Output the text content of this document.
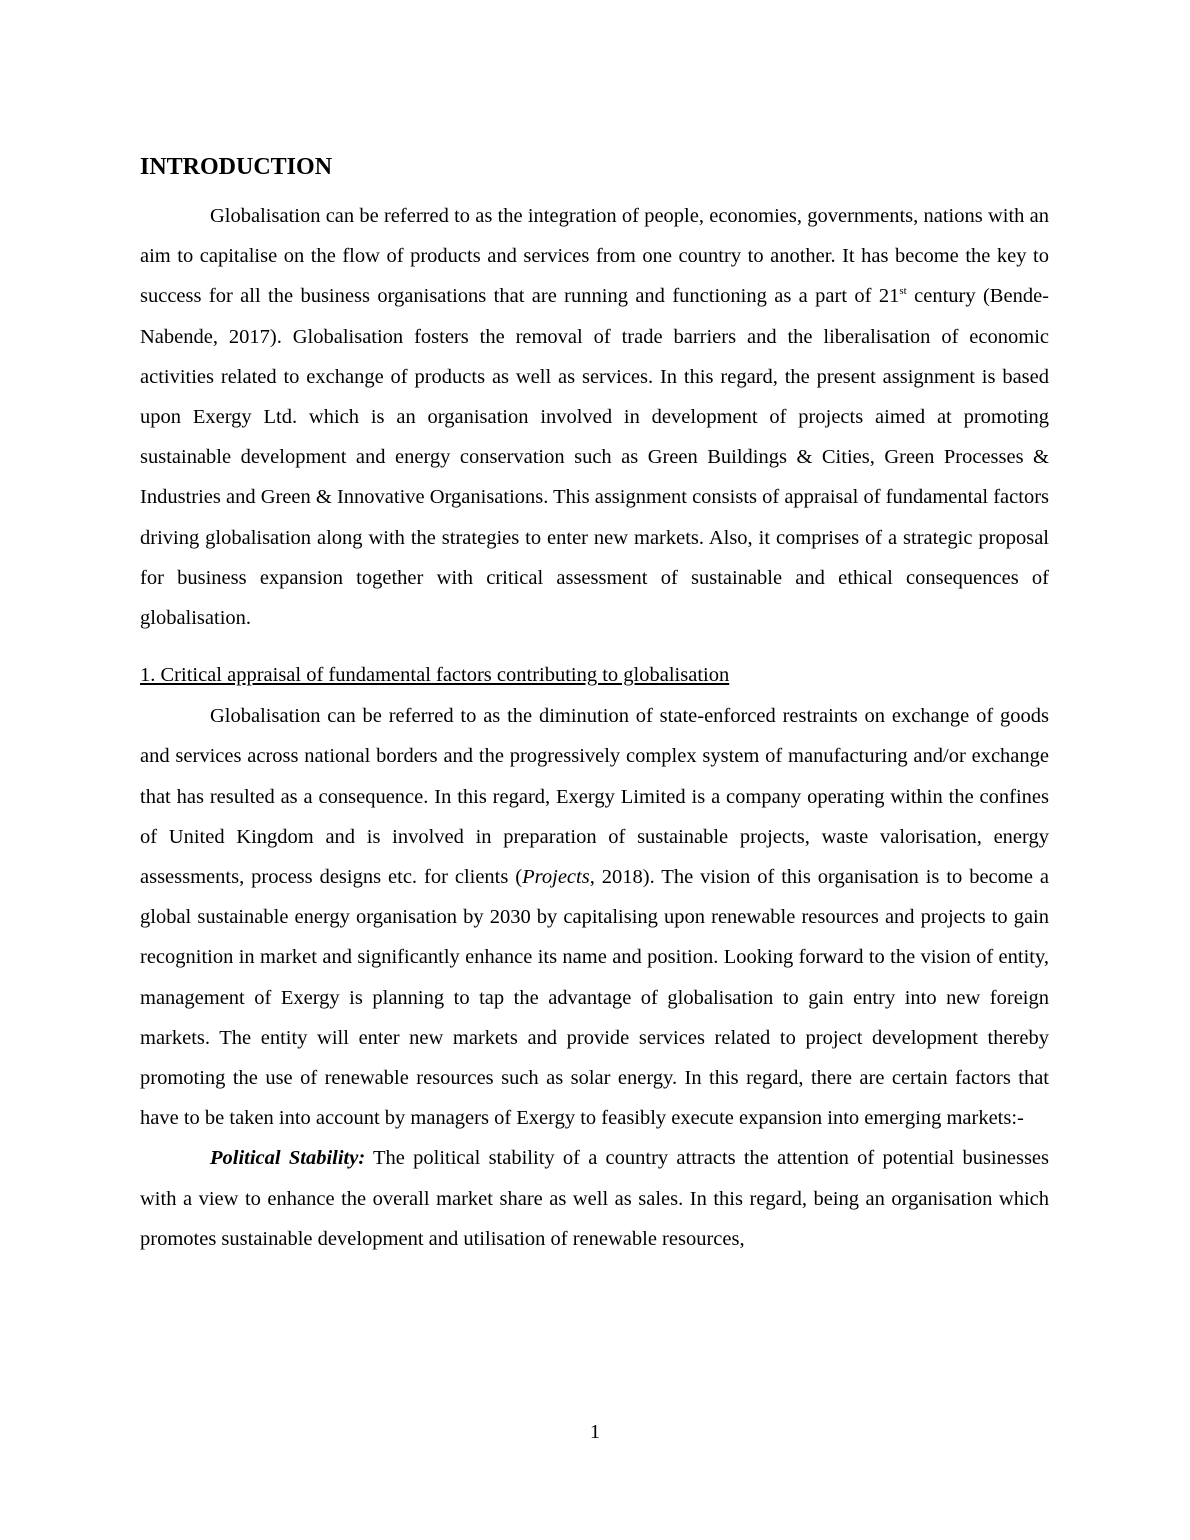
INTRODUCTION

Globalisation can be referred to as the integration of people, economies, governments, nations with an aim to capitalise on the flow of products and services from one country to another. It has become the key to success for all the business organisations that are running and functioning as a part of 21st century (Bende-Nabende, 2017). Globalisation fosters the removal of trade barriers and the liberalisation of economic activities related to exchange of products as well as services. In this regard, the present assignment is based upon Exergy Ltd. which is an organisation involved in development of projects aimed at promoting sustainable development and energy conservation such as Green Buildings & Cities, Green Processes & Industries and Green & Innovative Organisations. This assignment consists of appraisal of fundamental factors driving globalisation along with the strategies to enter new markets. Also, it comprises of a strategic proposal for business expansion together with critical assessment of sustainable and ethical consequences of globalisation.

1. Critical appraisal of fundamental factors contributing to globalisation

Globalisation can be referred to as the diminution of state-enforced restraints on exchange of goods and services across national borders and the progressively complex system of manufacturing and/or exchange that has resulted as a consequence. In this regard, Exergy Limited is a company operating within the confines of United Kingdom and is involved in preparation of sustainable projects, waste valorisation, energy assessments, process designs etc. for clients (Projects, 2018). The vision of this organisation is to become a global sustainable energy organisation by 2030 by capitalising upon renewable resources and projects to gain recognition in market and significantly enhance its name and position. Looking forward to the vision of entity, management of Exergy is planning to tap the advantage of globalisation to gain entry into new foreign markets. The entity will enter new markets and provide services related to project development thereby promoting the use of renewable resources such as solar energy. In this regard, there are certain factors that have to be taken into account by managers of Exergy to feasibly execute expansion into emerging markets:-

Political Stability: The political stability of a country attracts the attention of potential businesses with a view to enhance the overall market share as well as sales. In this regard, being an organisation which promotes sustainable development and utilisation of renewable resources,

1
